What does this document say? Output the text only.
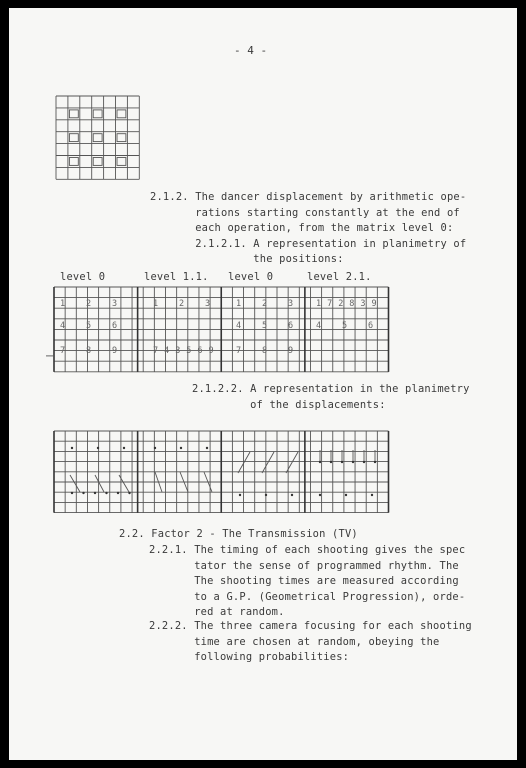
- 4 -
2.1.2. The dancer displacement by arithmetic ope-
rations starting constantly at the end of
each operation, from the matrix level 0:
2.1.2.1. A representation in planimetry of
the positions:
level 0	level 1.1. level 0	level 2.1.
1 2 3
4 5 6
7 8 9
1 2 3
7 4 3 5 6 9
1 2 3
4 5 6
7 8 9
1 7 2 8 3 9
4 5 6
2.1.2.2. A representation in the planimetry
of the displacements:
2.2. Factor 2 - The Transmission (TV)
2.2.1. The timing of each shooting gives the spec
tator the sense of programmed rhythm. The
The shooting times are measured according
to a G.P. (Geometrical Progression), orde-
red at random.
2.2.2. The three camera focusing for each shooting
time are chosen at random, obeying the
following probabilities:
